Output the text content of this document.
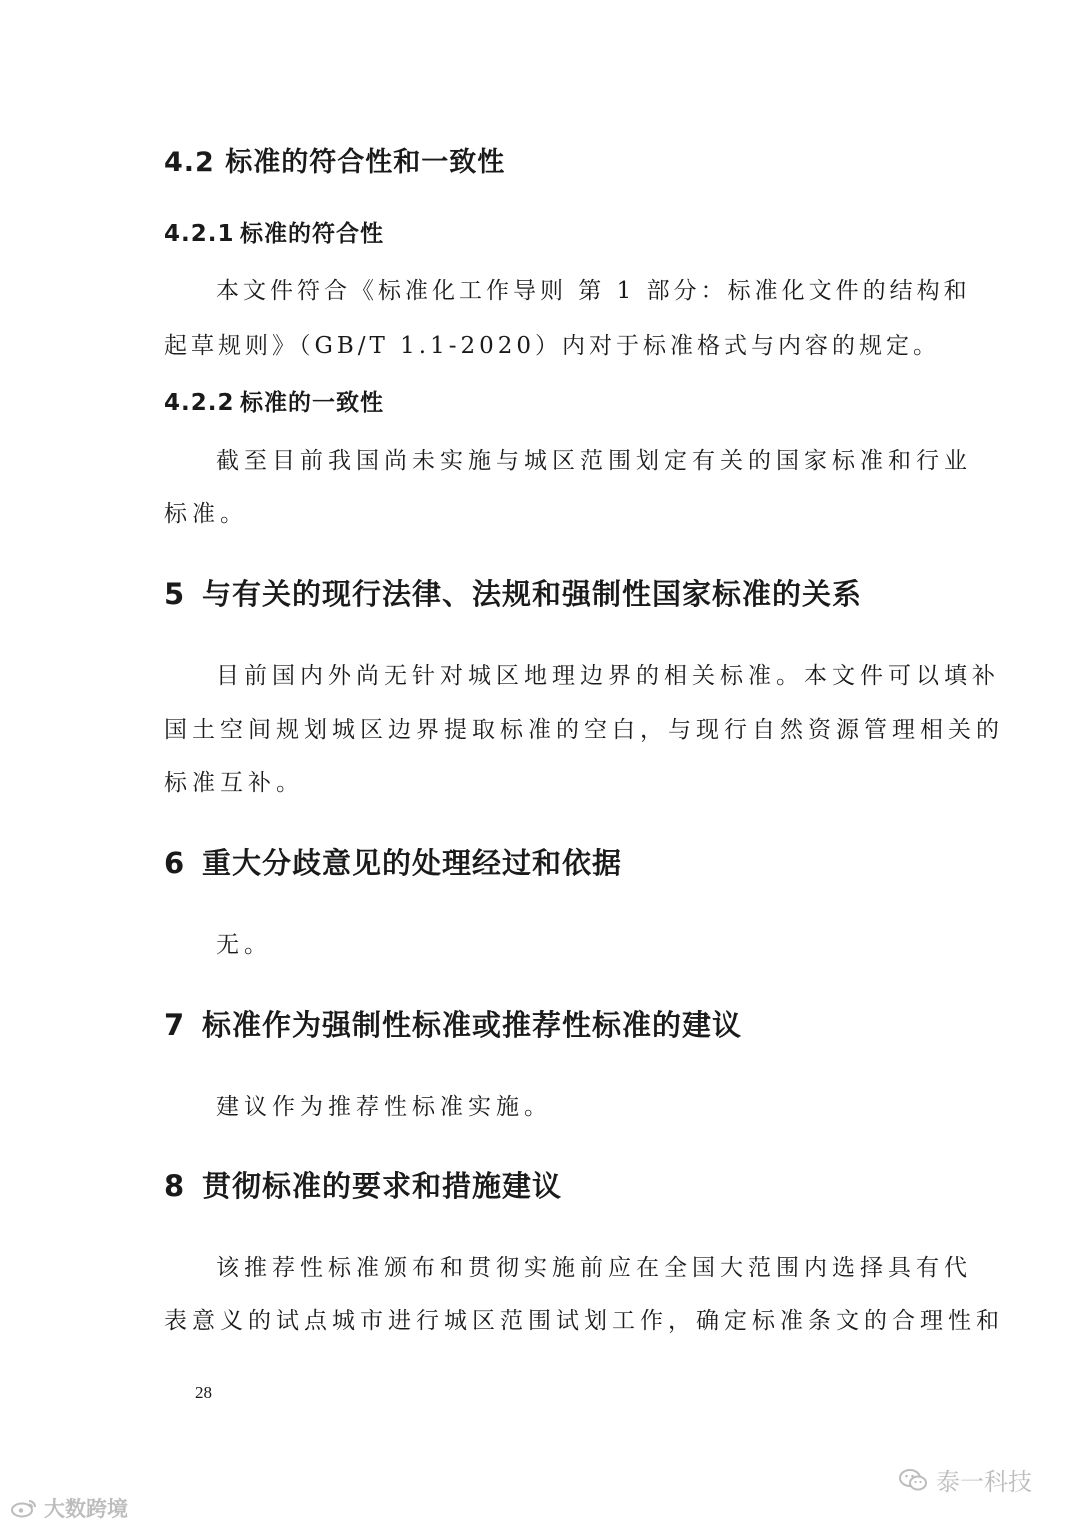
4.2 标准的符合性和一致性
4.2.1 标准的符合性
本文件符合《标准化工作导则 第 1 部分：标准化文件的结构和
起草规则》（GB/T 1.1-2020）内对于标准格式与内容的规定。
4.2.2 标准的一致性
截至目前我国尚未实施与城区范围划定有关的国家标准和行业
标准。
5 与有关的现行法律、法规和强制性国家标准的关系
目前国内外尚无针对城区地理边界的相关标准。本文件可以填补
国土空间规划城区边界提取标准的空白，与现行自然资源管理相关的
标准互补。
6 重大分歧意见的处理经过和依据
无。
7 标准作为强制性标准或推荐性标准的建议
建议作为推荐性标准实施。
8 贯彻标准的要求和措施建议
该推荐性标准颁布和贯彻实施前应在全国大范围内选择具有代
表意义的试点城市进行城区范围试划工作，确定标准条文的合理性和
28
泰一科技
大数跨境
